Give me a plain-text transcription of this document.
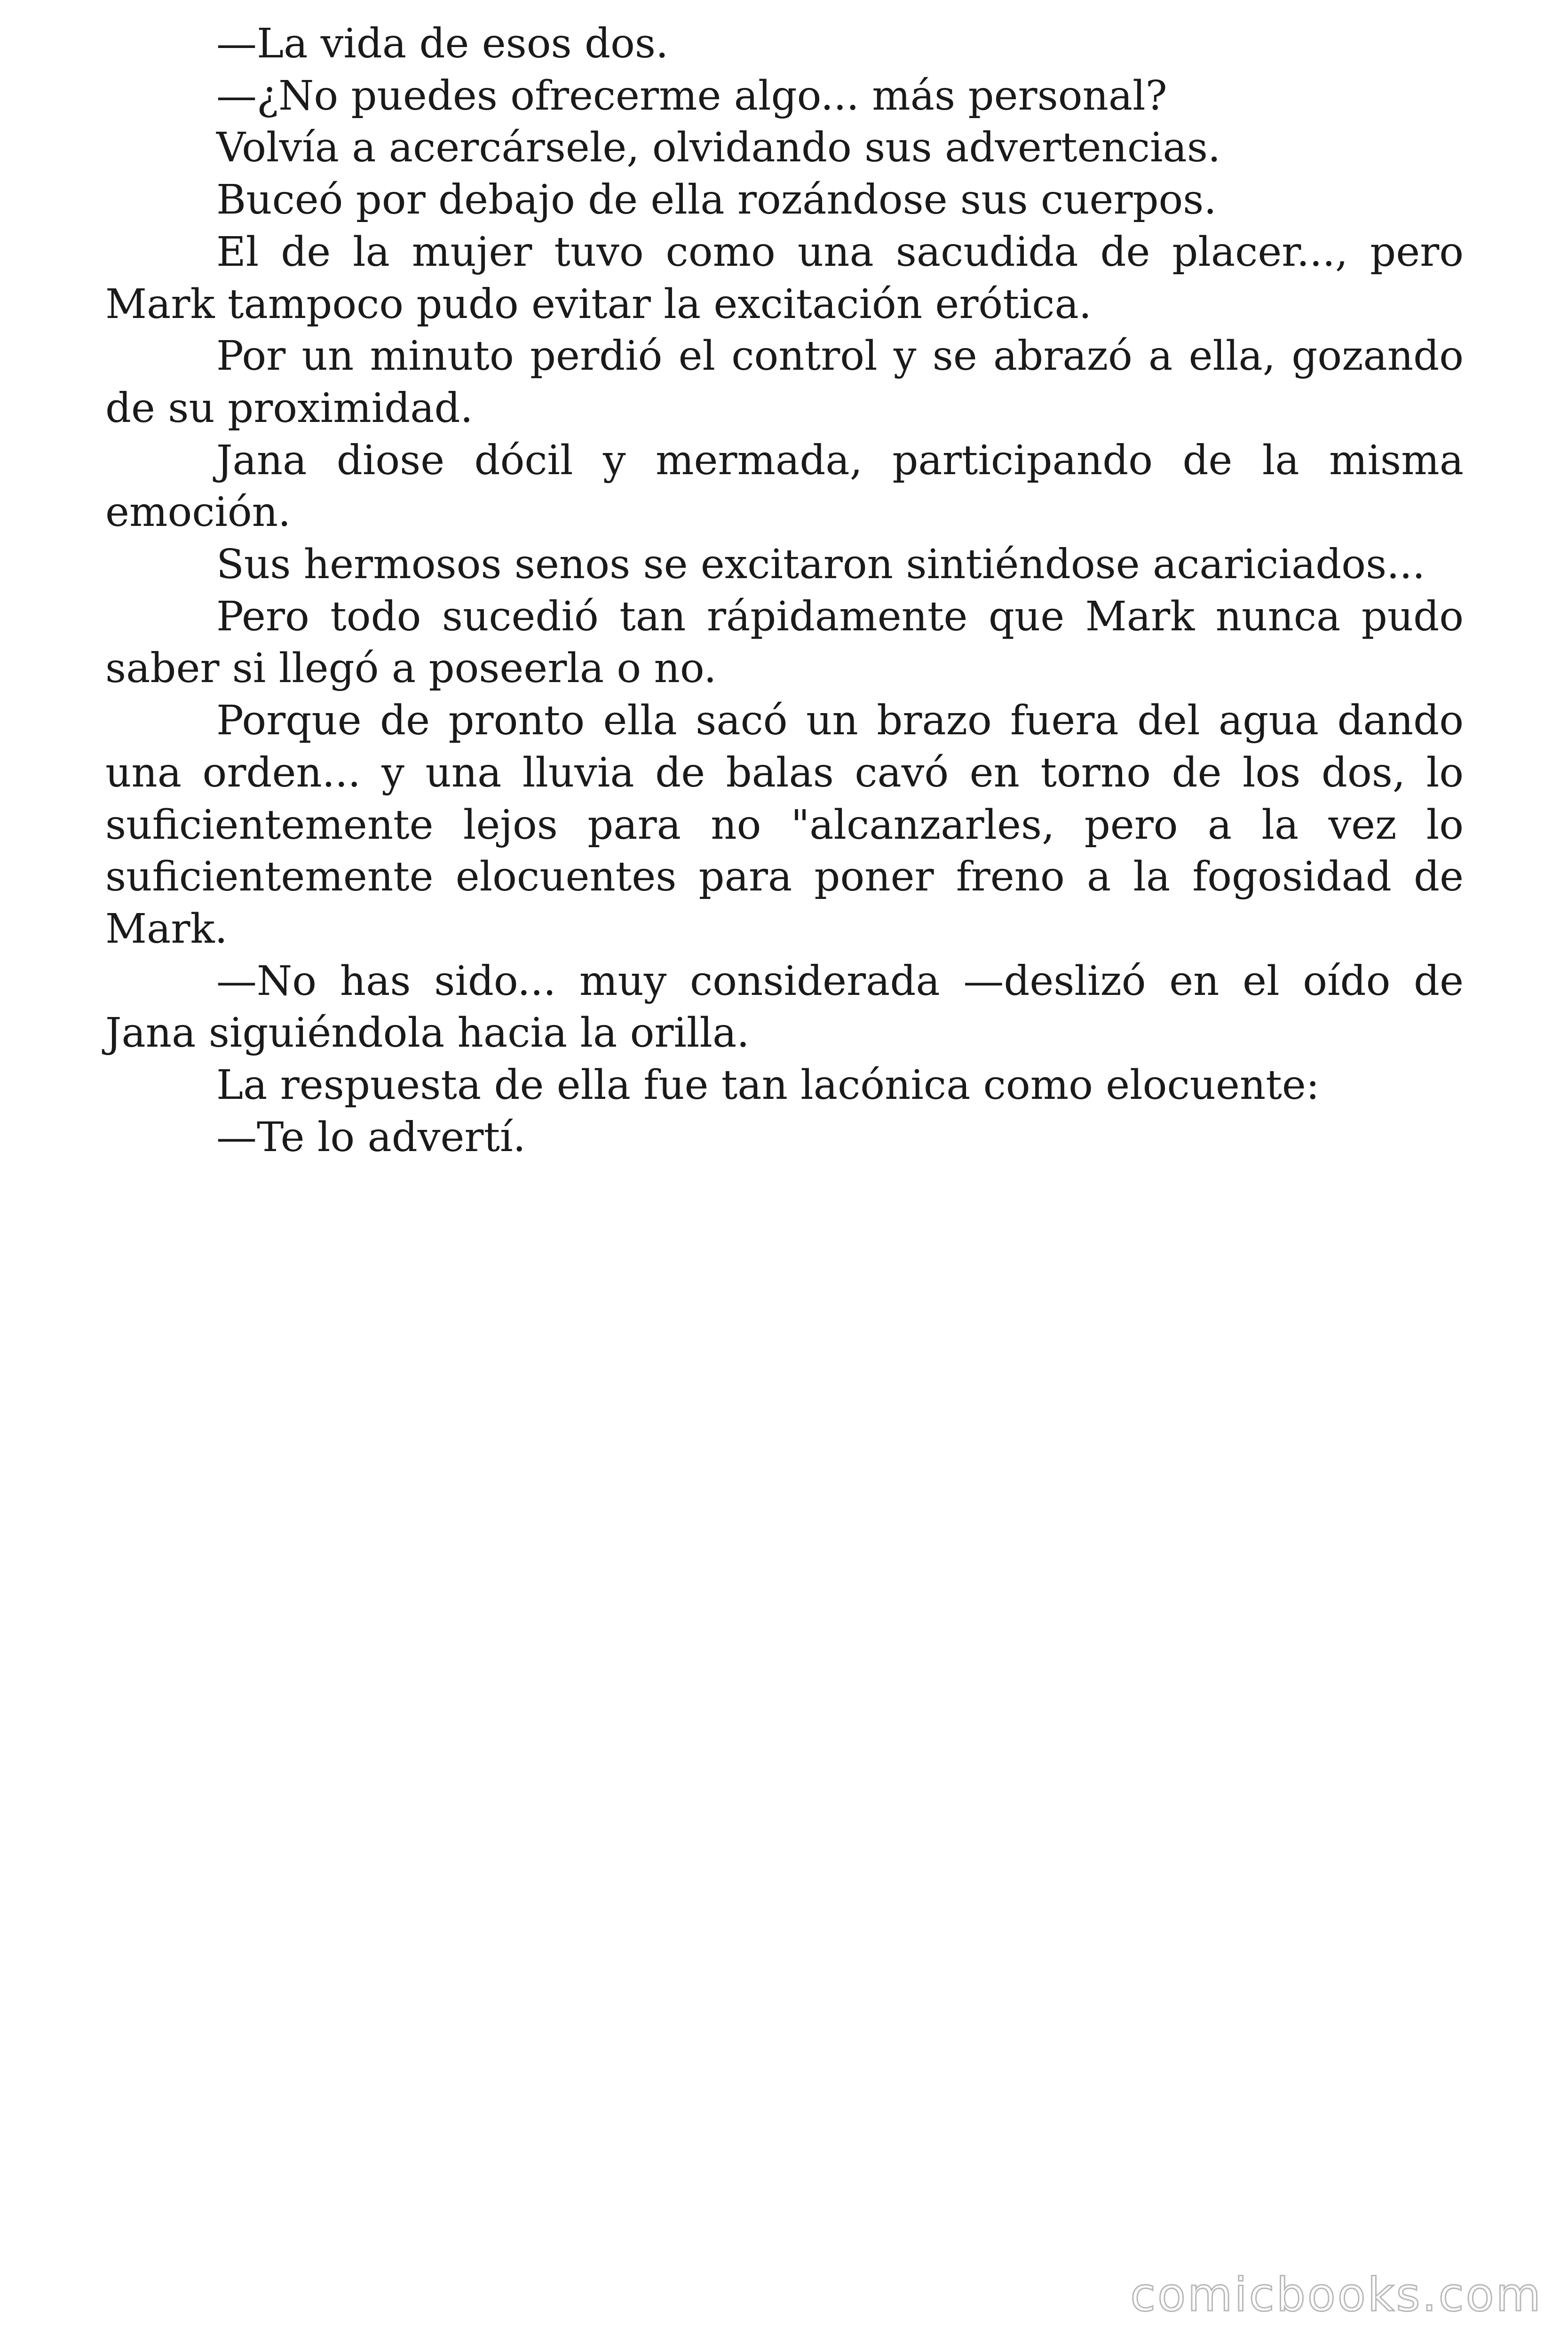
—La vida de esos dos.

—¿No puedes ofrecerme algo... más personal?

Volvía a acercársele, olvidando sus advertencias.

Buceó por debajo de ella rozándose sus cuerpos.

El de la mujer tuvo como una sacudida de placer..., pero Mark tampoco pudo evitar la excitación erótica.

Por un minuto perdió el control y se abrazó a ella, gozando de su proximidad.

Jana diose dócil y mermada, participando de la misma emoción.

Sus hermosos senos se excitaron sintiéndose acariciados...

Pero todo sucedió tan rápidamente que Mark nunca pudo saber si llegó a poseerla o no.

Porque de pronto ella sacó un brazo fuera del agua dando una orden... y una lluvia de balas cavó en torno de los dos, lo suficientemente lejos para no "alcanzarles, pero a la vez lo suficientemente elocuentes para poner freno a la fogosidad de Mark.

—No has sido... muy considerada —deslizó en el oído de Jana siguiéndola hacia la orilla.

La respuesta de ella fue tan lacónica como elocuente:

—Te lo advertí.

comicbooks.com
